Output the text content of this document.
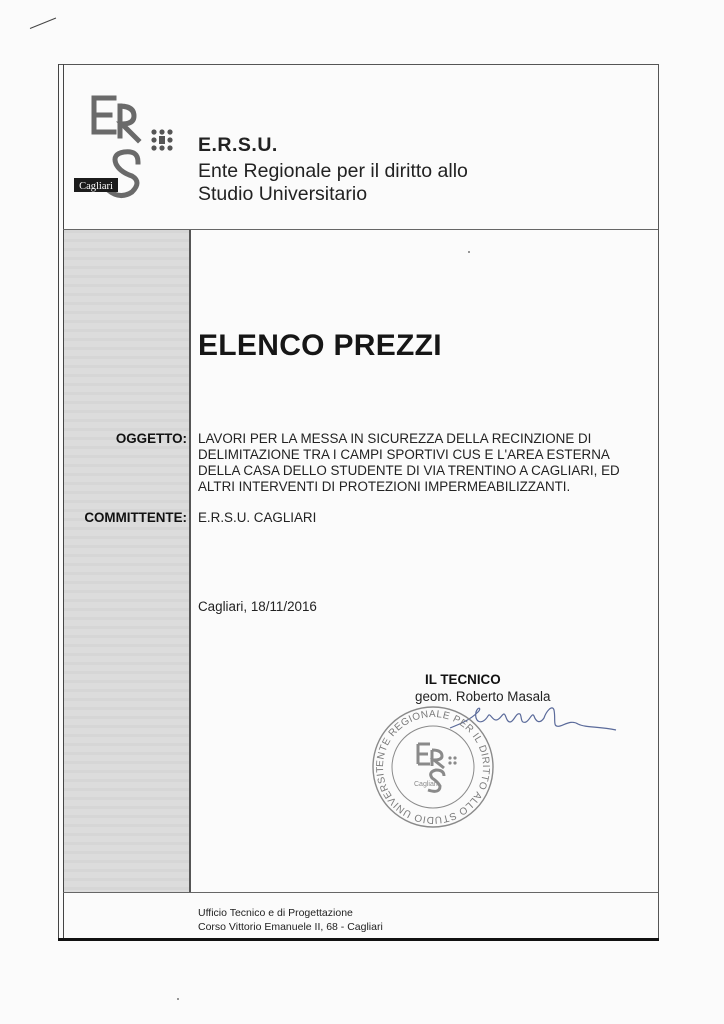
Cagliari
E.R.S.U.
Ente Regionale per il diritto allo
Studio Universitario
ELENCO PREZZI
OGGETTO: LAVORI PER LA MESSA IN SICUREZZA DELLA RECINZIONE DI DELIMITAZIONE TRA I CAMPI SPORTIVI CUS E L'AREA ESTERNA DELLA CASA DELLO STUDENTE DI VIA TRENTINO A CAGLIARI, ED ALTRI INTERVENTI DI PROTEZIONI IMPERMEABILIZZANTI.
COMMITTENTE: E.R.S.U. CAGLIARI
Cagliari, 18/11/2016
IL TECNICO
geom. Roberto Masala
ENTE REGIONALE PER IL DIRITTO ALLO STUDIO UNIVERSIT
Cagliari
Ufficio Tecnico e di Progettazione
Corso Vittorio Emanuele II, 68 - Cagliari
